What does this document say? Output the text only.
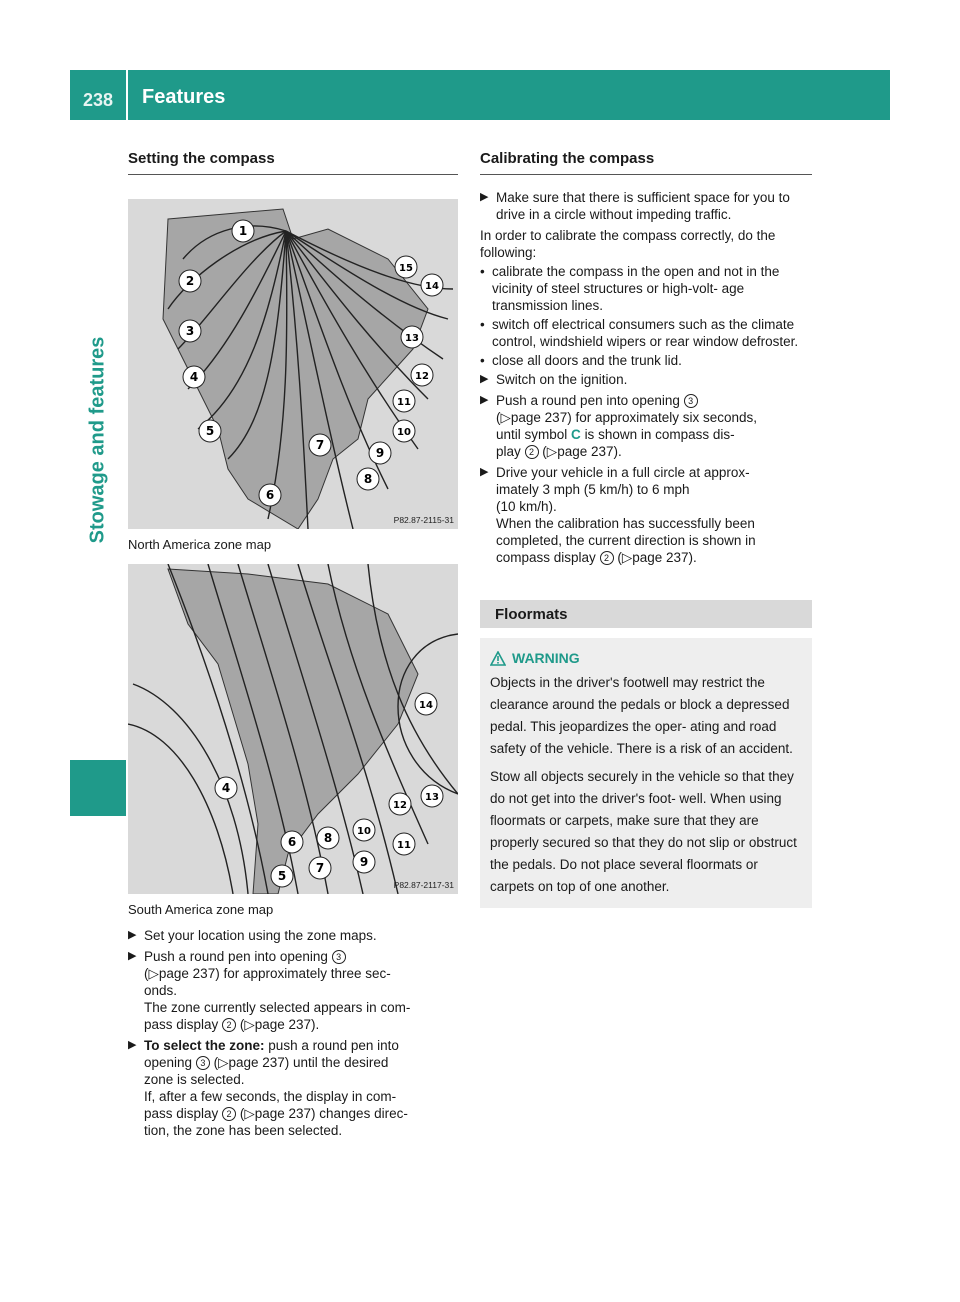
238	Features
Stowage and features
Setting the compass
1
2
3
4
5
6
7
8
9
10
11
12
13
14
15
P82.87-2115-31
North America zone map
4
5
6
7
8
9
10
11
12
13
14
P82.87-2117-31
South America zone map
▶ Set your location using the zone maps.
▶ Push a round pen into opening 3
(▷page 237) for approximately three sec-
onds.
The zone currently selected appears in com-
pass display 2 (▷page 237).
▶ To select the zone: push a round pen into
opening 3 (▷page 237) until the desired
zone is selected.
If, after a few seconds, the display in com-
pass display 2 (▷page 237) changes direc-
tion, the zone has been selected.
Calibrating the compass
▶ Make sure that there is sufficient space for you to drive in a circle without impeding traffic.
In order to calibrate the compass correctly, do the following:
• calibrate the compass in the open and not in the vicinity of steel structures or high-volt- age transmission lines.
• switch off electrical consumers such as the climate control, windshield wipers or rear window defroster.
• close all doors and the trunk lid.
▶ Switch on the ignition.
▶ Push a round pen into opening 3
(▷page 237) for approximately six seconds,
until symbol C is shown in compass dis-
play 2 (▷page 237).
▶ Drive your vehicle in a full circle at approx-
imately 3 mph (5 km/h) to 6 mph
(10 km/h).
When the calibration has successfully been
completed, the current direction is shown in
compass display 2 (▷page 237).
Floormats
WARNING
Objects in the driver's footwell may restrict the clearance around the pedals or block a depressed pedal. This jeopardizes the oper- ating and road safety of the vehicle. There is a risk of an accident.
Stow all objects securely in the vehicle so that they do not get into the driver's foot- well. When using floormats or carpets, make sure that they are properly secured so that they do not slip or obstruct the pedals. Do not place several floormats or carpets on top of one another.
